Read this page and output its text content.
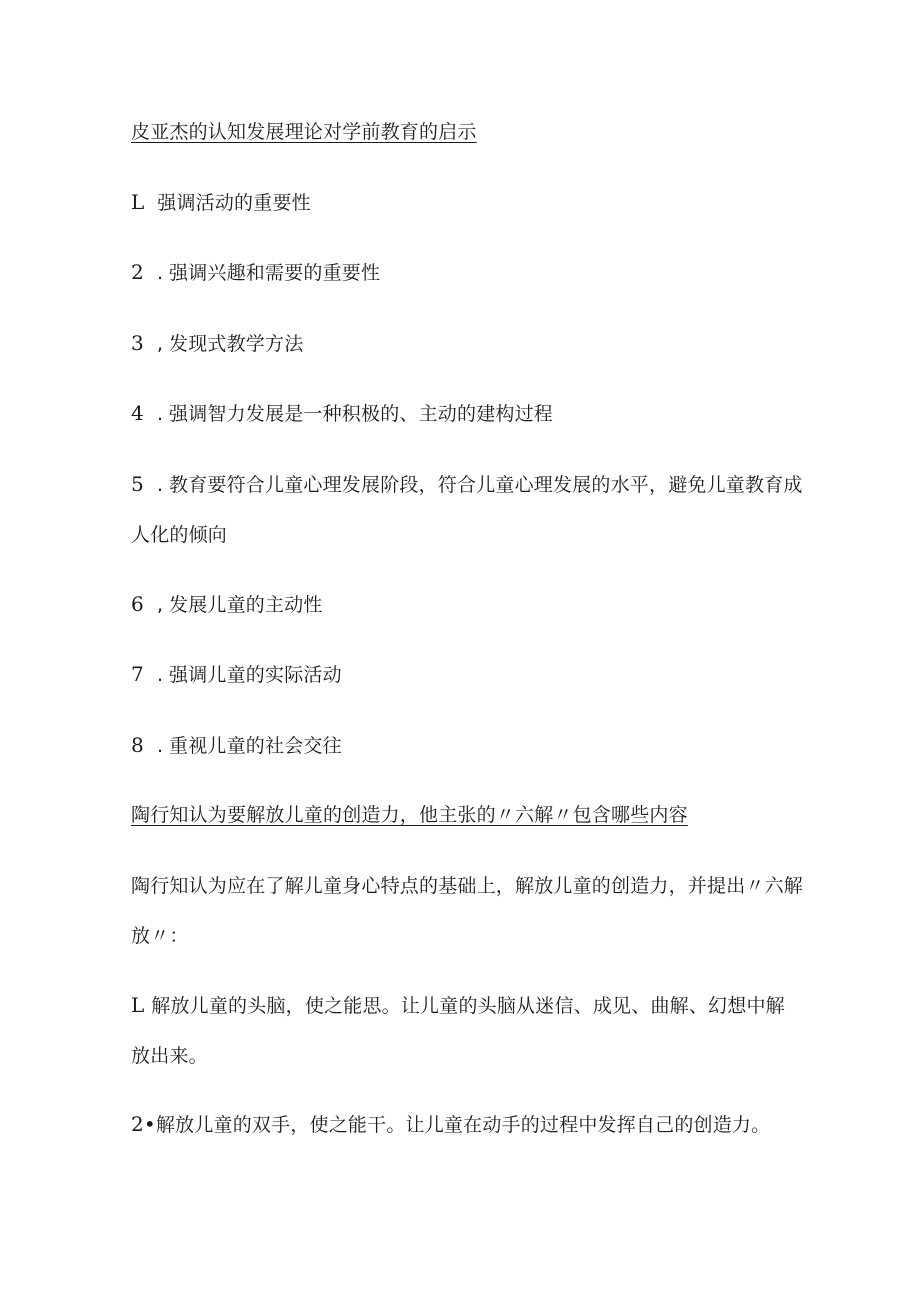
皮亚杰的认知发展理论对学前教育的启示
L 强调活动的重要性
2 . 强调兴趣和需要的重要性
3 , 发现式教学方法
4 . 强调智力发展是一种积极的、主动的建构过程
5 . 教育要符合儿童心理发展阶段，符合儿童心理发展的水平，避免儿童教育成人化的倾向
6 , 发展儿童的主动性
7 . 强调儿童的实际活动
8 . 重视儿童的社会交往
陶行知认为要解放儿童的创造力，他主张的〃六解〃包含哪些内容
陶行知认为应在了解儿童身心特点的基础上，解放儿童的创造力，并提出〃六解放〃：
L 解放儿童的头脑，使之能思。让儿童的头脑从迷信、成见、曲解、幻想中解放出来。
2•解放儿童的双手，使之能干。让儿童在动手的过程中发挥自己的创造力。
